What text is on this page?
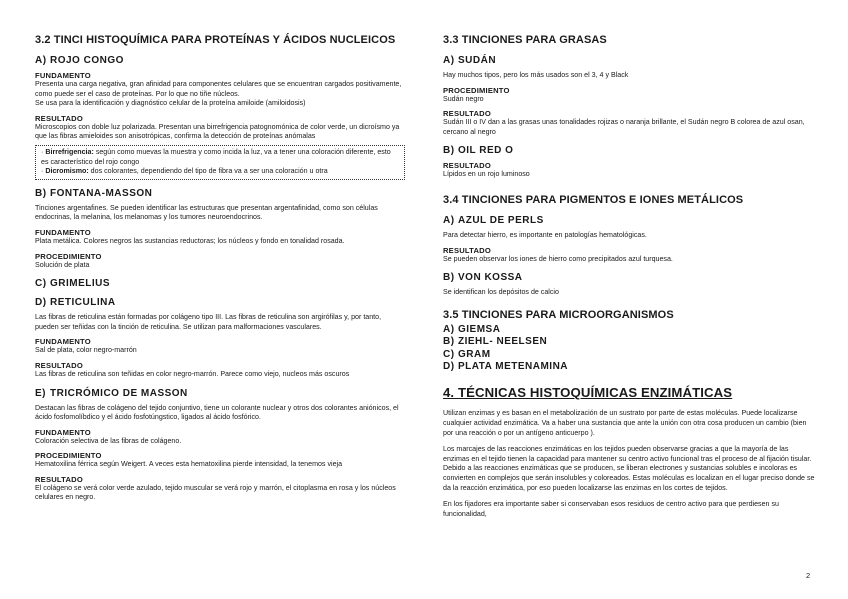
3.2 TINCI HISTOQUÍMICA PARA PROTEÍNAS Y ÁCIDOS NUCLEICOS
A) ROJO CONGO
FUNDAMENTO

Presenta una carga negativa, gran afinidad para componentes celulares que se encuentran cargados positivamente, como puede ser el caso de proteínas. Por lo que no tiñe núcleos.

Se usa para la identificación y diagnóstico celular de la proteína amiloide (amiloidosis)

RESULTADO

Microscopios con doble luz polarizada. Presentan una birrefrigencia patognomónica de color verde, un dicroísmo ya que las fibras amieloides son anisotrópicas, confirma la detección de proteínas anómalas

· Birrefrigencia: según como muevas la muestra y como incida la luz, va a tener una coloración diferente, esto es característico del rojo congo
· Dicromismo: dos colorantes, dependiendo del tipo de fibra va a ser una coloración u otra
B) FONTANA-MASSON

Tinciones argentafines. Se pueden identificar las estructuras que presentan argentafinidad, como son células endocrinas, la melanina, los melanomas y los tumores neuroendocrinos.

FUNDAMENTO

Plata metálica. Colores negros las sustancias reductoras; los núcleos y fondo en tonalidad rosada.

PROCEDIMIENTO

Solución de plata

C) GRIMELIUS
D) RETICULINA

Las fibras de reticulina están formadas por colágeno tipo III. Las fibras de reticulina son argirófilas y, por tanto, pueden ser teñidas con la tinción de reticulina. Se utilizan para malformaciones vasculares.

FUNDAMENTO

Sal de plata, color negro-marrón

RESULTADO

Las fibras de reticulina son teñidas en color negro-marrón. Parece como viejo, nucleos más oscuros

E) TRICRÓMICO DE MASSON

Destacan las fibras de colágeno del tejido conjuntivo, tiene un colorante nuclear y otros dos colorantes aniónicos, el ácido fosfomolíbdico y el ácido fosfotúngstico, ligados al ácido fosfórico.

FUNDAMENTO

Coloración selectiva de las fibras de colágeno.

PROCEDIMIENTO

Hematoxilina férrica según Weigert. A veces esta hematoxilina pierde intensidad, la tenemos vieja

RESULTADO

El colágeno se verá color verde azulado, tejido muscular se verá rojo y marrón, el citoplasma en rosa y los núcleos celulares en negro.

3.3 TINCIONES PARA GRASAS
A) SUDÁN

Hay muchos tipos, pero los más usados son el 3, 4 y Black

PROCEDIMIENTO

Sudán negro

RESULTADO

Sudán III o IV dan a las grasas unas tonalidades rojizas o naranja brillante, el Sudán negro B colorea de azul osan, cercano al negro

B) OIL RED O
RESULTADO

Lípidos en un rojo luminoso

3.4 TINCIONES PARA PIGMENTOS E IONES METÁLICOS
A) AZUL DE PERLS

Para detectar hierro, es importante en patologías hematológicas.

RESULTADO

Se pueden observar los iones de hierro como precipitados azul turquesa.

B) VON KOSSA

Se identifican los depósitos de calcio

3.5 TINCIONES PARA MICROORGANISMOS
A) GIEMSA
B) ZIEHL- NEELSEN
C) GRAM
D) PLATA METENAMINA
4. TÉCNICAS HISTOQUÍMICAS ENZIMÁTICAS

Utilizan enzimas y es basan en el metabolización de un sustrato por parte de estas moléculas. Puede localizarse cualquier actividad enzimática. Va a haber una sustancia que ante la unión con otra cosa producen un cambio (bien por una reacción o por un antígeno anticuerpo ).

Los marcajes de las reacciones enzimáticas en los tejidos pueden observarse gracias a que la mayoría de las enzimas en el tejido tienen la capacidad para mantener su centro activo funcional tras el proceso de al fijación tisular. Debido a las reacciones enzimáticas que se producen, se liberan electrones y sustancias solubles e incoloras es convierten en complejos que serán insolubles y coloreados. Estas moléculas es localizan en el lugar preciso donde se da la reacción enzimática, por eso pueden localizarse las enzimas en los cortes de tejidos.

En los fijadores era importante saber si conservaban esos residuos de centro activo para que perdiesen su funcionalidad,

2
